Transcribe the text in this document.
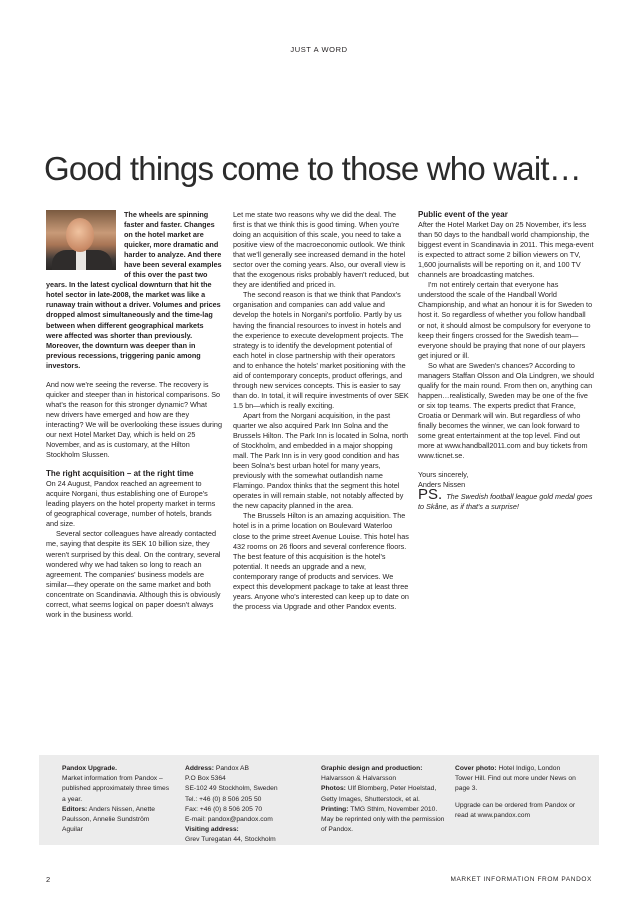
JUST A WORD
Good things come to those who wait…

The wheels are spinning faster and faster. Changes on the hotel market are quicker, more dramatic and harder to analyze. And there have been several examples of this over the past two years. In the latest cyclical downturn that hit the hotel sector in late-2008, the market was like a runaway train without a driver. Volumes and prices dropped almost simultaneously and the time-lag between when different geographical markets were affected was shorter than previously. Moreover, the downturn was deeper than in previous recessions, triggering panic among investors.

And now we're seeing the reverse. The recovery is quicker and steeper than in historical comparisons. So what's the reason for this stronger dynamic? What new drivers have emerged and how are they interacting? We will be overlooking these issues during our next Hotel Market Day, which is held on 25 November, and as is customary, at the Hilton Stockholm Slussen.

The right acquisition – at the right time

On 24 August, Pandox reached an agreement to acquire Norgani, thus establishing one of Europe's leading players on the hotel property market in terms of geographical coverage, number of hotels, brands and size.

Several sector colleagues have already contacted me, saying that despite its SEK 10 billion size, they weren't surprised by this deal. On the contrary, several wondered why we had taken so long to reach an agreement. The companies' business models are similar—they operate on the same market and both concentrate on Scandinavia. Although this is obviously correct, what seems logical on paper doesn't always work in the business world.

Let me state two reasons why we did the deal. The first is that we think this is good timing. When you're doing an acquisition of this scale, you need to take a positive view of the macroeconomic outlook. We think that we'll generally see increased demand in the hotel sector over the coming years. Also, our overall view is that the exogenous risks probably haven't reduced, but they are identified and priced in.

The second reason is that we think that Pandox's organisation and companies can add value and develop the hotels in Norgani's portfolio. Partly by us having the financial resources to invest in hotels and the experience to execute development projects. The strategy is to identify the development potential of each hotel in close partnership with their operators and to enhance the hotels' market positioning with the aid of contemporary concepts, product offerings, and through new services concepts. This is easier to say than do. In total, it will require investments of over SEK 1.5 bn—which is really exciting.

Apart from the Norgani acquisition, in the past quarter we also acquired Park Inn Solna and the Brussels Hilton. The Park Inn is located in Solna, north of Stockholm, and embedded in a major shopping mall. The Park Inn is in very good condition and has been Solna's best urban hotel for many years, previously with the somewhat outlandish name Flamingo. Pandox thinks that the segment this hotel operates in will remain stable, not notably affected by the new capacity planned in the area.

The Brussels Hilton is an amazing acquisition. The hotel is in a prime location on Boulevard Waterloo close to the prime street Avenue Louise. This hotel has 432 rooms on 26 floors and several conference floors. The best feature of this acquisition is the hotel's potential. It needs an upgrade and a new, contemporary range of products and services. We expect this development package to take at least three years. Anyone who's interested can keep up to date on the process via Upgrade and other Pandox events.

Public event of the year

After the Hotel Market Day on 25 November, it's less than 50 days to the handball world championship, the biggest event in Scandinavia in 2011. This mega-event is expected to attract some 2 billion viewers on TV, 1,600 journalists will be reporting on it, and 100 TV channels are broadcasting matches.

I'm not entirely certain that everyone has understood the scale of the Handball World Championship, and what an honour it is for Sweden to host it. So regardless of whether you follow handball or not, it should almost be compulsory for everyone to keep their fingers crossed for the Swedish team—everyone should be praying that none of our players get injured or ill.

So what are Sweden's chances? According to managers Staffan Olsson and Ola Lindgren, we should qualify for the main round. From then on, anything can happen…realistically, Sweden may be one of the five or six top teams. The experts predict that France, Croatia or Denmark will win. But regardless of who finally becomes the winner, we can look forward to some great entertainment at the top level. Find out more at www.handball2011.com and buy tickets from www.ticnet.se.

Yours sincerely,

Anders Nissen

PS. The Swedish football league gold medal goes to Skåne, as if that's a surprise!

Pandox Upgrade.

Market information from Pandox – published approximately three times a year.

Editors: Anders Nissen, Anette Paulsson, Annelie Sundström Aguilar

Address: Pandox AB

P.O Box 5364

SE-102 49 Stockholm, Sweden

Tel.: +46 (0) 8 506 205 50

Fax: +46 (0) 8 506 205 70

E-mail: pandox@pandox.com

Visiting address:

Grev Turegatan 44, Stockholm

Graphic design and production:

Halvarsson & Halvarsson

Photos: Ulf Blomberg, Peter Hoelstad, Getty Images, Shutterstock, et al.

Printing: TMG Sthlm, November 2010. May be reprinted only with the permission of Pandox.

Cover photo: Hotel Indigo, London Tower Hill. Find out more under News on page 3.

Upgrade can be ordered from Pandox or read at www.pandox.com

2	MARKET INFORMATION FROM PANDOX
